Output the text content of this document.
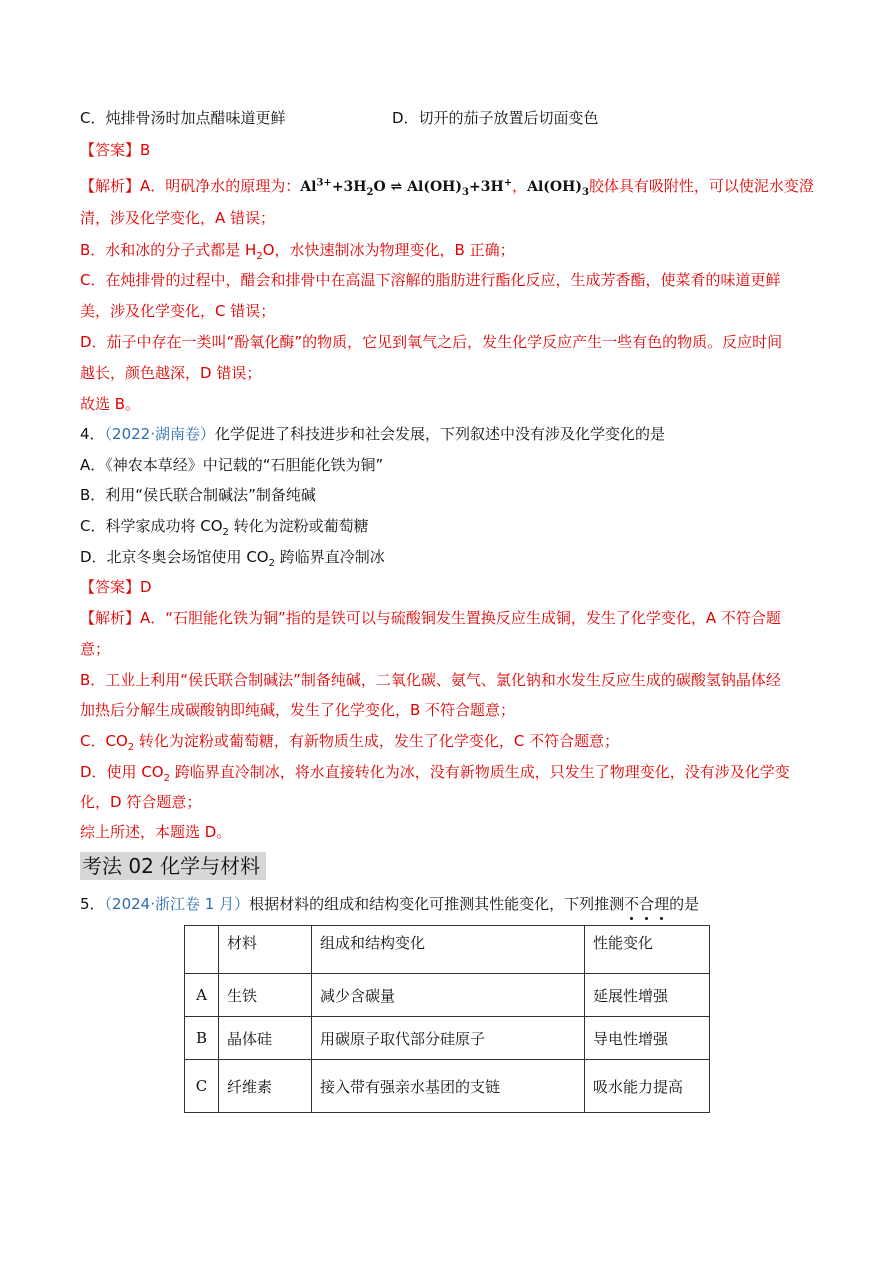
C．炖排骨汤时加点醋味道更鲜	D．切开的茄子放置后切面变色
【答案】B
【解析】A．明矾净水的原理为：$Al^{3+}+3H_2O$ ⇌ $Al(OH)_3+3H^+$，$Al(OH)_3$胶体具有吸附性，可以使泥水变澄
清，涉及化学变化，A 错误；
B．水和冰的分子式都是 $H_2O$，水快速制冰为物理变化，B 正确；
C．在炖排骨的过程中，醋会和排骨中在高温下溶解的脂肪进行酯化反应，生成芳香酯，使菜肴的味道更鲜
美，涉及化学变化，C 错误；
D．茄子中存在一类叫“酚氧化酶”的物质，它见到氧气之后，发生化学反应产生一些有色的物质。反应时间
越长，颜色越深，D 错误；
故选 B。
4．（2022·湖南卷）化学促进了科技进步和社会发展，下列叙述中没有涉及化学变化的是
A．《神农本草经》中记载的“石胆能化铁为铜”
B．利用“侯氏联合制碱法”制备纯碱
C．科学家成功将 $CO_2$ 转化为淀粉或葡萄糖
D．北京冬奥会场馆使用 $CO_2$ 跨临界直冷制冰
【答案】D
【解析】A．“石胆能化铁为铜”指的是铁可以与硫酸铜发生置换反应生成铜，发生了化学变化，A 不符合题
意；
B．工业上利用“侯氏联合制碱法”制备纯碱，二氧化碳、氨气、氯化钠和水发生反应生成的碳酸氢钠晶体经
加热后分解生成碳酸钠即纯碱，发生了化学变化，B 不符合题意；
C．$CO_2$ 转化为淀粉或葡萄糖，有新物质生成，发生了化学变化，C 不符合题意；
D．使用 $CO_2$ 跨临界直冷制冰，将水直接转化为冰，没有新物质生成，只发生了物理变化，没有涉及化学变
化，D 符合题意；
综上所述，本题选 D。
考法 02 化学与材料
5．（2024·浙江卷 1 月）根据材料的组成和结构变化可推测其性能变化，下列推测不合理的是
	材料	组成和结构变化	性能变化
A	生铁	减少含碳量	延展性增强
B	晶体硅	用碳原子取代部分硅原子	导电性增强
C	纤维素	接入带有强亲水基团的支链	吸水能力提高
